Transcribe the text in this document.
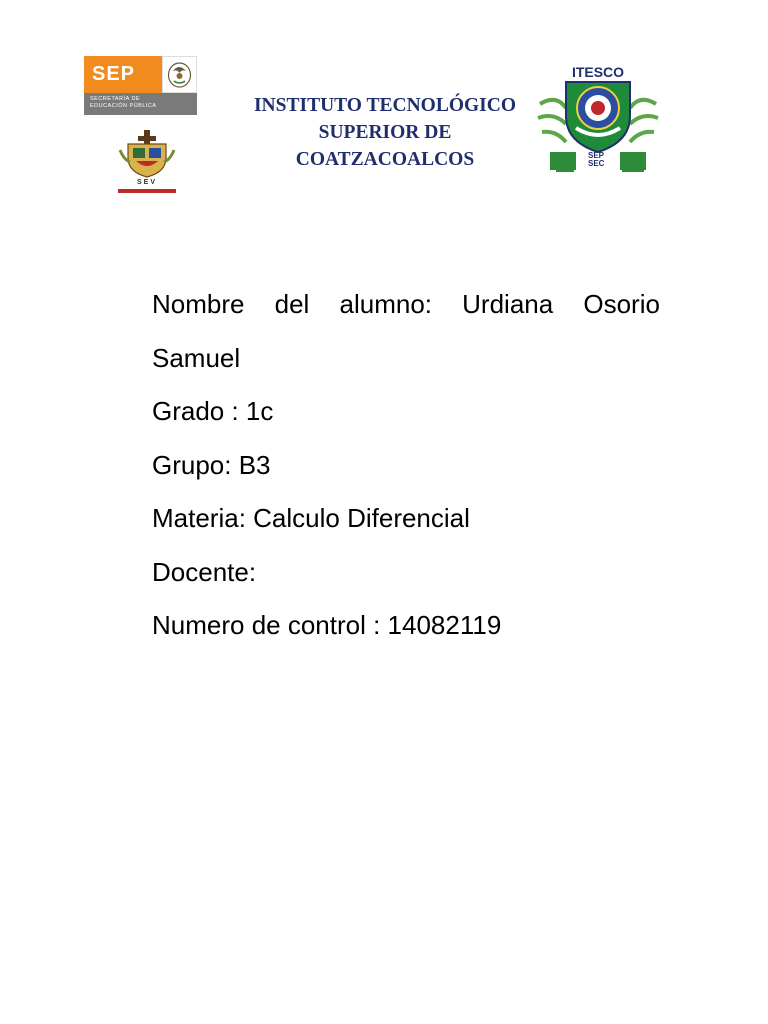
SEP
SECRETARÍA DE
EDUCACIÓN PÚBLICA
SEV
INSTITUTO TECNOLÓGICO
SUPERIOR DE
COATZACOALCOS
ITESCO
SEP
SEC
Nombre del alumno: Urdiana Osorio
Samuel
Grado : 1c
Grupo: B3
Materia: Calculo Diferencial
Docente:
Numero de control : 14082119
